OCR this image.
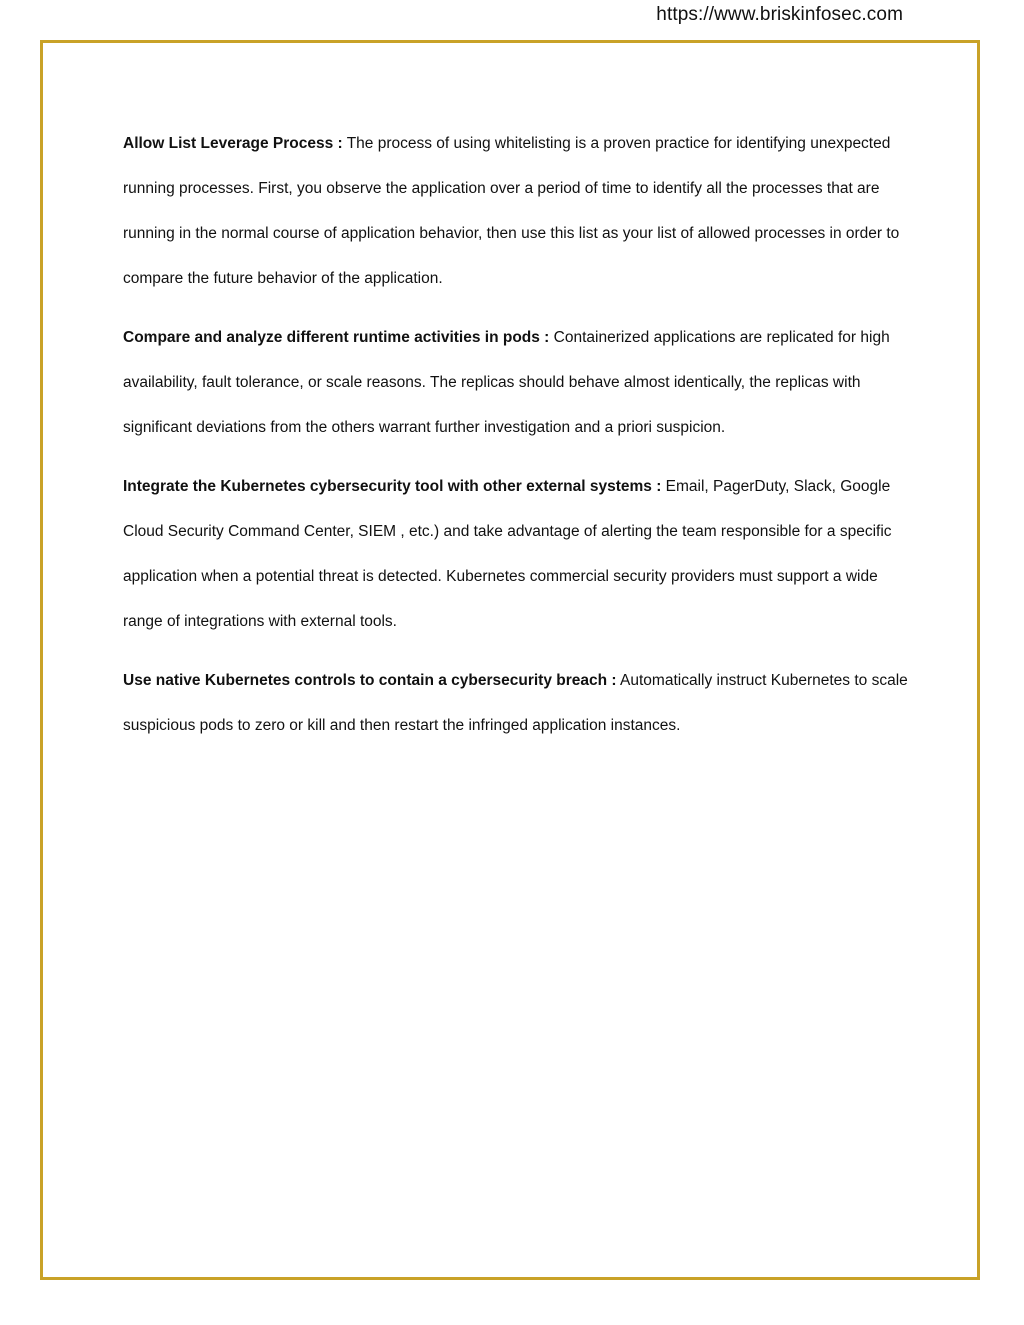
https://www.briskinfosec.com

Allow List Leverage Process : The process of using whitelisting is a proven practice for identifying unexpected running processes. First, you observe the application over a period of time to identify all the processes that are running in the normal course of application behavior, then use this list as your list of allowed processes in order to compare the future behavior of the application.

Compare and analyze different runtime activities in pods : Containerized applications are replicated for high availability, fault tolerance, or scale reasons. The replicas should behave almost identically, the replicas with significant deviations from the others warrant further investigation and a priori suspicion.

Integrate the Kubernetes cybersecurity tool with other external systems : Email, PagerDuty, Slack, Google Cloud Security Command Center, SIEM , etc.) and take advantage of alerting the team responsible for a specific application when a potential threat is detected. Kubernetes commercial security providers must support a wide range of integrations with external tools.

Use native Kubernetes controls to contain a cybersecurity breach : Automatically instruct Kubernetes to scale suspicious pods to zero or kill and then restart the infringed application instances.
